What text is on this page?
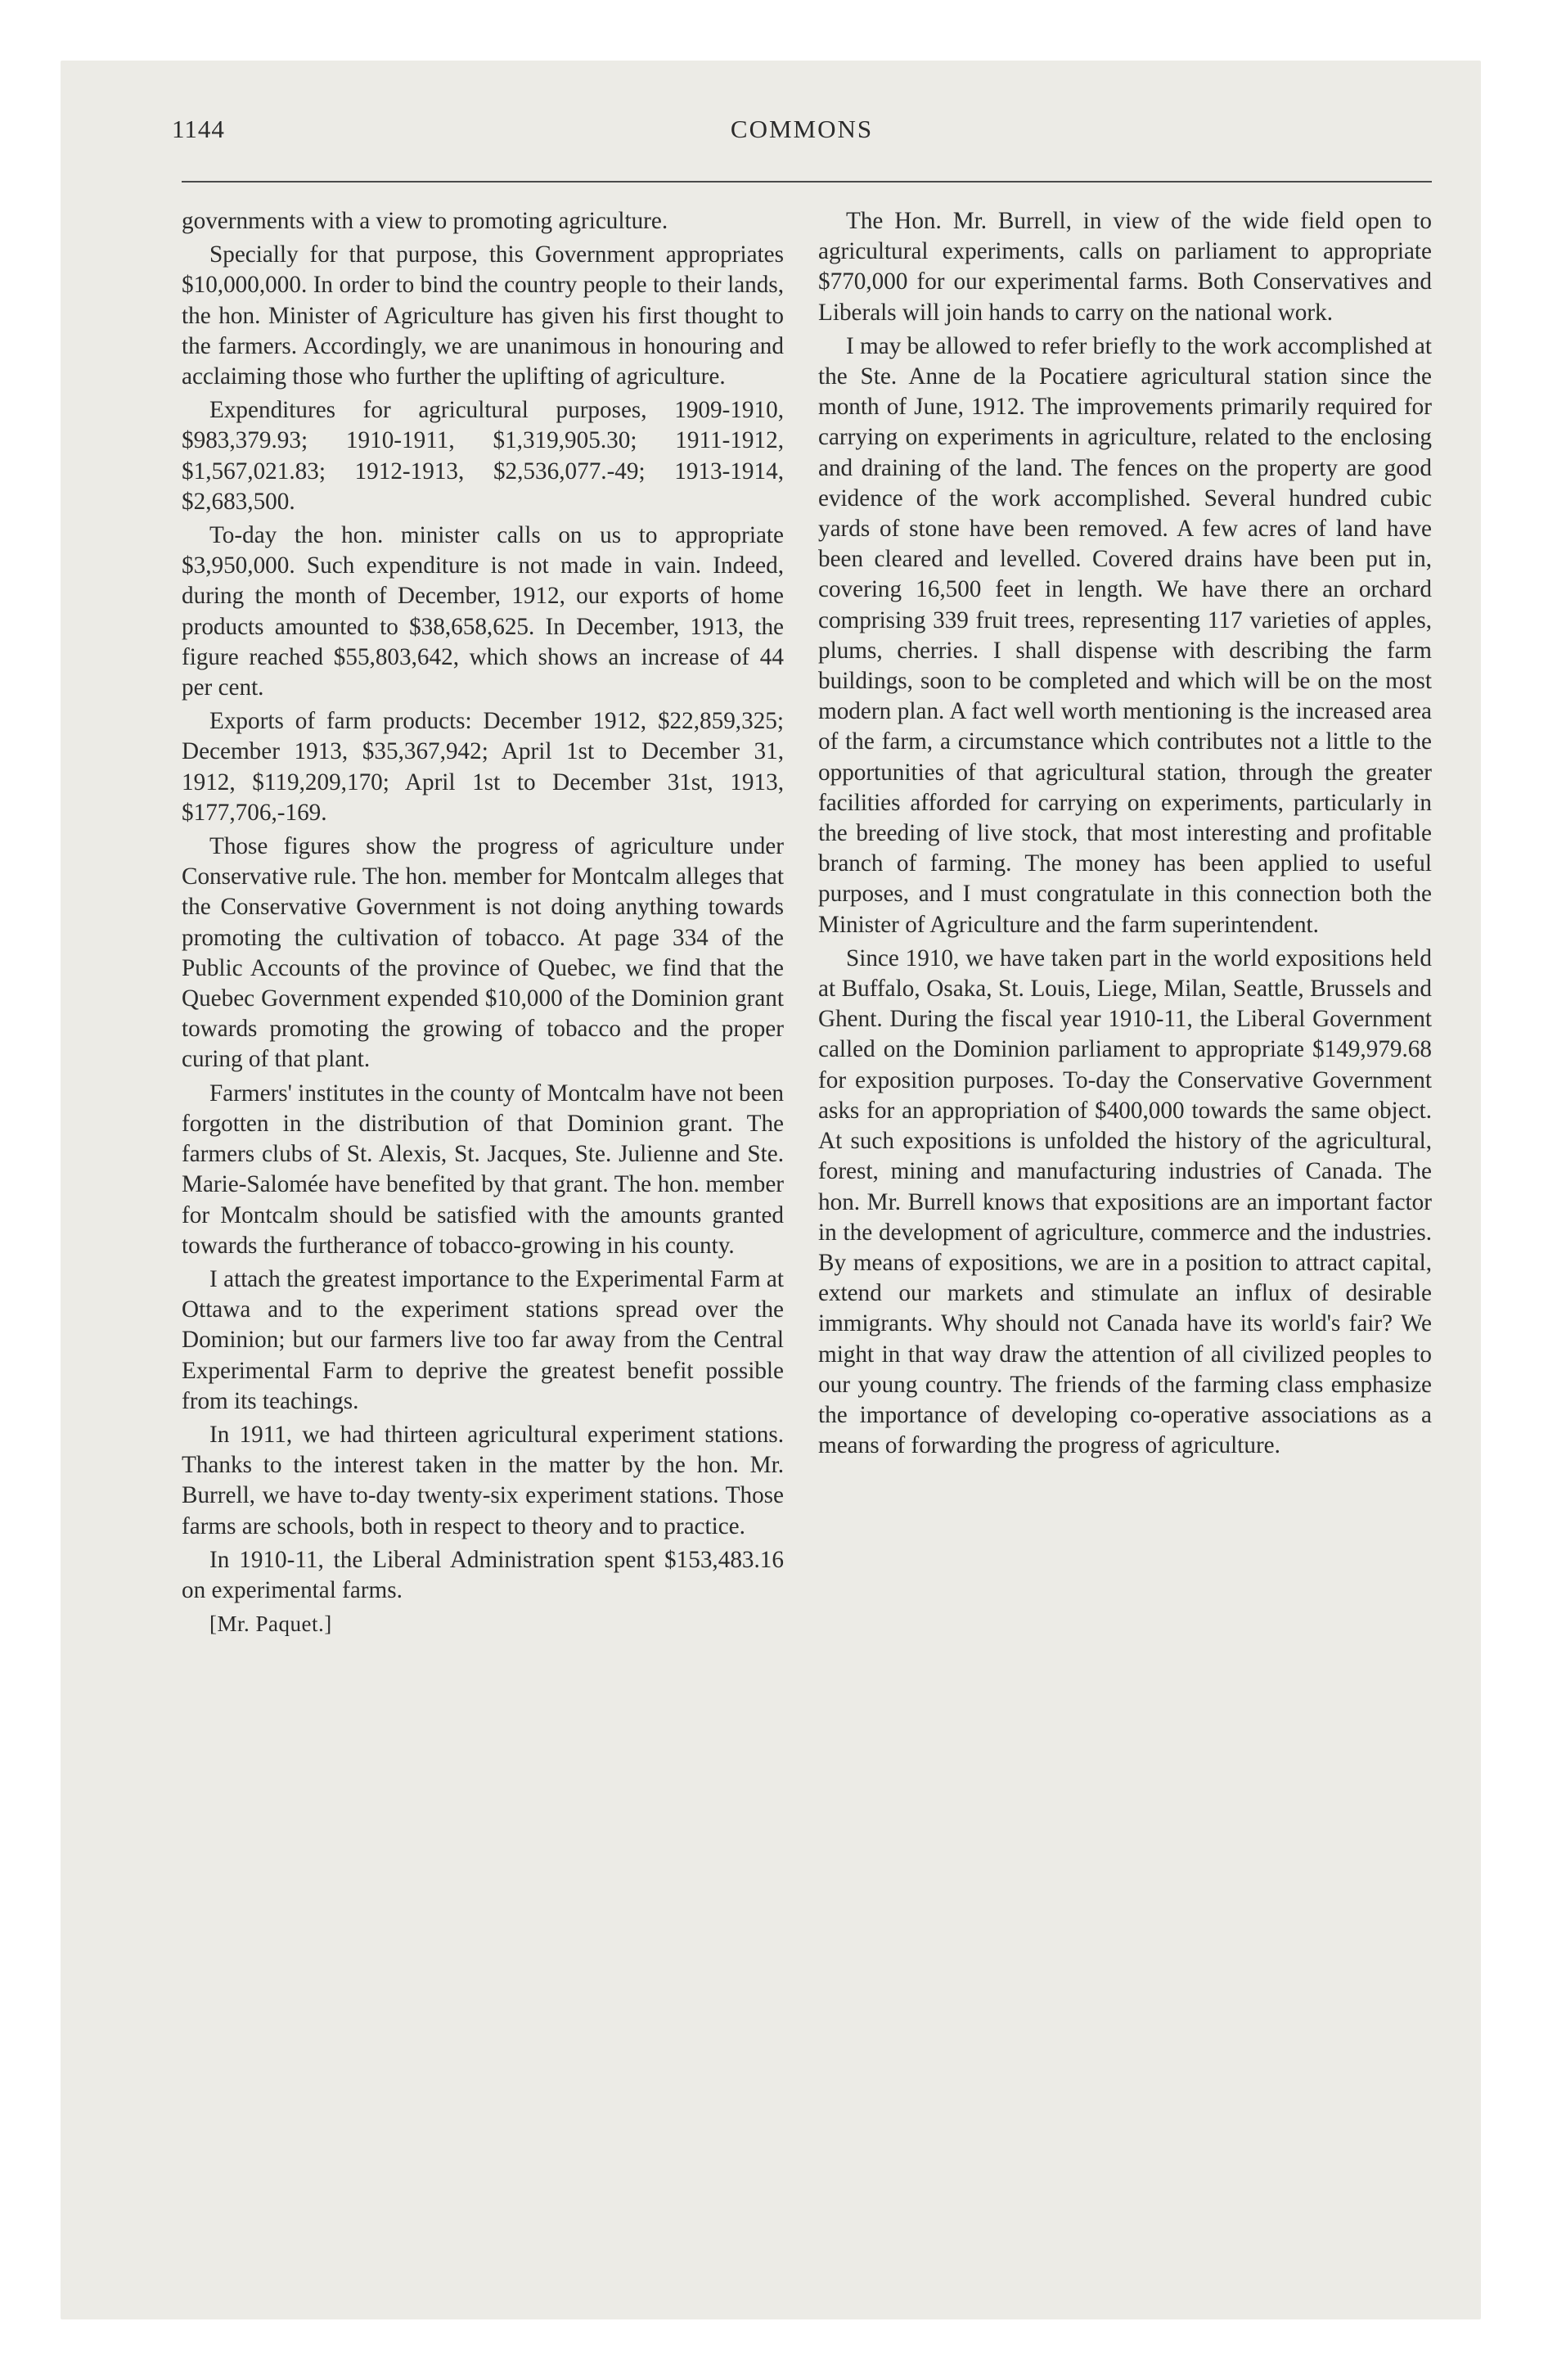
1144	COMMONS

governments with a view to promoting agriculture.

Specially for that purpose, this Government appropriates $10,000,000. In order to bind the country people to their lands, the hon. Minister of Agriculture has given his first thought to the farmers. Accordingly, we are unanimous in honouring and acclaiming those who further the uplifting of agriculture.

Expenditures for agricultural purposes, 1909-1910, $983,379.93; 1910-1911, $1,319,905.30; 1911-1912, $1,567,021.83; 1912-1913, $2,536,077.-49; 1913-1914, $2,683,500.

To-day the hon. minister calls on us to appropriate $3,950,000. Such expenditure is not made in vain. Indeed, during the month of December, 1912, our exports of home products amounted to $38,658,625. In December, 1913, the figure reached $55,803,642, which shows an increase of 44 per cent.

Exports of farm products: December 1912, $22,859,325; December 1913, $35,367,942; April 1st to December 31, 1912, $119,209,170; April 1st to December 31st, 1913, $177,706,-169.

Those figures show the progress of agriculture under Conservative rule. The hon. member for Montcalm alleges that the Conservative Government is not doing anything towards promoting the cultivation of tobacco. At page 334 of the Public Accounts of the province of Quebec, we find that the Quebec Government expended $10,000 of the Dominion grant towards promoting the growing of tobacco and the proper curing of that plant.

Farmers' institutes in the county of Montcalm have not been forgotten in the distribution of that Dominion grant. The farmers clubs of St. Alexis, St. Jacques, Ste. Julienne and Ste. Marie-Salomée have benefited by that grant. The hon. member for Montcalm should be satisfied with the amounts granted towards the furtherance of tobacco-growing in his county.

I attach the greatest importance to the Experimental Farm at Ottawa and to the experiment stations spread over the Dominion; but our farmers live too far away from the Central Experimental Farm to deprive the greatest benefit possible from its teachings.

In 1911, we had thirteen agricultural experiment stations. Thanks to the interest taken in the matter by the hon. Mr. Burrell, we have to-day twenty-six experiment stations. Those farms are schools, both in respect to theory and to practice.

In 1910-11, the Liberal Administration spent $153,483.16 on experimental farms.

[Mr. Paquet.]

The Hon. Mr. Burrell, in view of the wide field open to agricultural experiments, calls on parliament to appropriate $770,000 for our experimental farms. Both Conservatives and Liberals will join hands to carry on the national work.

I may be allowed to refer briefly to the work accomplished at the Ste. Anne de la Pocatiere agricultural station since the month of June, 1912. The improvements primarily required for carrying on experiments in agriculture, related to the enclosing and draining of the land. The fences on the property are good evidence of the work accomplished. Several hundred cubic yards of stone have been removed. A few acres of land have been cleared and levelled. Covered drains have been put in, covering 16,500 feet in length. We have there an orchard comprising 339 fruit trees, representing 117 varieties of apples, plums, cherries. I shall dispense with describing the farm buildings, soon to be completed and which will be on the most modern plan. A fact well worth mentioning is the increased area of the farm, a circumstance which contributes not a little to the opportunities of that agricultural station, through the greater facilities afforded for carrying on experiments, particularly in the breeding of live stock, that most interesting and profitable branch of farming. The money has been applied to useful purposes, and I must congratulate in this connection both the Minister of Agriculture and the farm superintendent.

Since 1910, we have taken part in the world expositions held at Buffalo, Osaka, St. Louis, Liege, Milan, Seattle, Brussels and Ghent. During the fiscal year 1910-11, the Liberal Government called on the Dominion parliament to appropriate $149,979.68 for exposition purposes. To-day the Conservative Government asks for an appropriation of $400,000 towards the same object. At such expositions is unfolded the history of the agricultural, forest, mining and manufacturing industries of Canada. The hon. Mr. Burrell knows that expositions are an important factor in the development of agriculture, commerce and the industries. By means of expositions, we are in a position to attract capital, extend our markets and stimulate an influx of desirable immigrants. Why should not Canada have its world's fair? We might in that way draw the attention of all civilized peoples to our young country. The friends of the farming class emphasize the importance of developing co-operative associations as a means of forwarding the progress of agriculture.
